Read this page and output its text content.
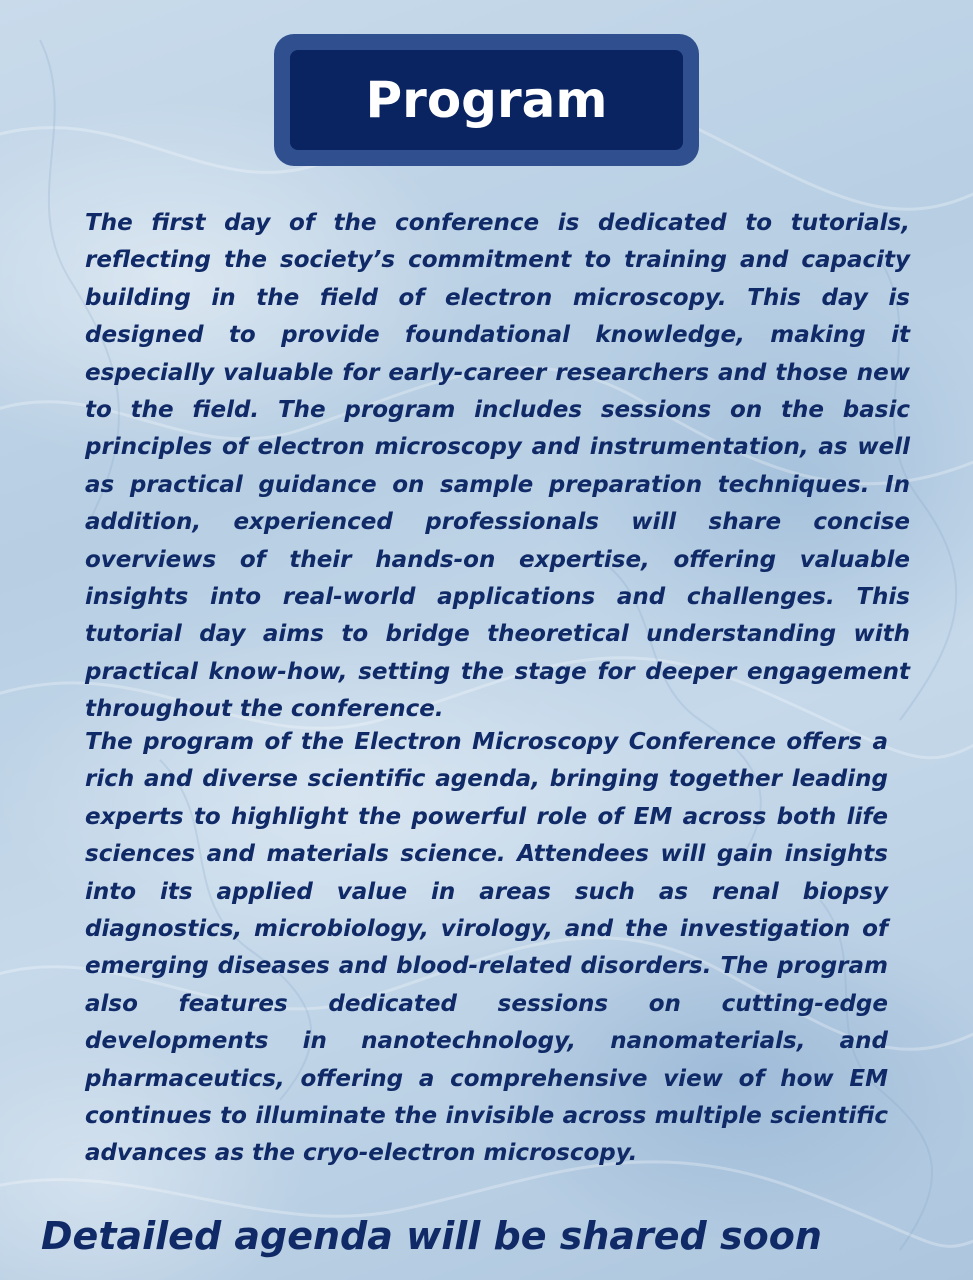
Program

The first day of the conference is dedicated to tutorials, reflecting the society’s commitment to training and capacity building in the field of electron microscopy. This day is designed to provide foundational knowledge, making it especially valuable for early-career researchers and those new to the field. The program includes sessions on the basic principles of electron microscopy and instrumentation, as well as practical guidance on sample preparation techniques. In addition, experienced professionals will share concise overviews of their hands-on expertise, offering valuable insights into real-world applications and challenges. This tutorial day aims to bridge theoretical understanding with practical know-how, setting the stage for deeper engagement throughout the conference.

The program of the Electron Microscopy Conference offers a rich and diverse scientific agenda, bringing together leading experts to highlight the powerful role of EM across both life sciences and materials science. Attendees will gain insights into its applied value in areas such as renal biopsy diagnostics, microbiology, virology, and the investigation of emerging diseases and blood-related disorders. The program also features dedicated sessions on cutting-edge developments in nanotechnology, nanomaterials, and pharmaceutics, offering a comprehensive view of how EM continues to illuminate the invisible across multiple scientific advances as the cryo-electron microscopy.

Detailed agenda will be shared soon
